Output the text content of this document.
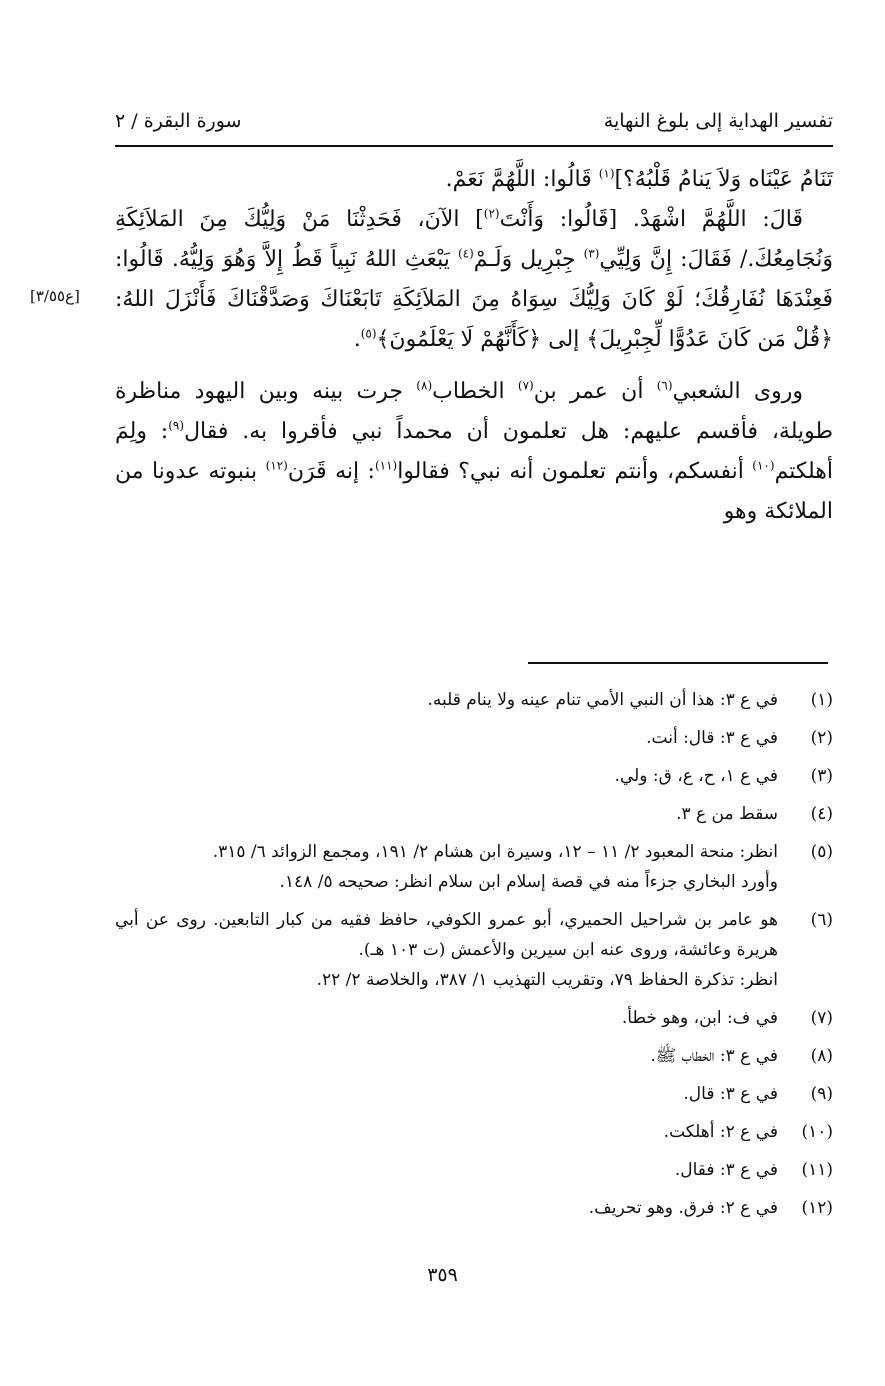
تفسير الهداية إلى بلوغ النهاية
سورة البقرة / ٢

تَنَامُ عَيْنَاه وَلاَ يَنامُ قَلْبُهُ؟]$^{(١)}$ قَالُوا: اللَّهُمَّ نَعَمْ.

قَالَ: اللَّهُمَّ اشْهَدْ. [قَالُوا: وَأَنْتَ$^{(٢)}$] الآنَ، فَحَدِثْنَا مَنْ وَلِيُّكَ مِنَ المَلاَئِكَةِ وَنُجَامِعُكَ./ فَقَالَ: إِنَّ وَلِيِّي$^{(٣)}$ جِبْرِيل وَلَـمْ$^{(٤)}$ يَبْعَثِ اللهُ نَبِياً قَطُ إِلاَّ وَهُوَ وَلِيُّهُ. قَالُوا: فَعِنْدَهَا نُفَارِقُكَ؛ لَوْ كَانَ وَلِيُّكَ سِوَاهُ مِنَ المَلاَئِكَةِ تَابَعْنَاكَ وَصَدَّقْنَاكَ فَأَنْزَلَ اللهُ: ﴿قُلْ مَن كَانَ عَدُوًّا لِّجِبْرِيلَ﴾ إلى ﴿كَأَنَّهُمْ لَا يَعْلَمُونَ﴾$^{(٥)}$.

وروى الشعبي$^{(٦)}$ أن عمر بن$^{(٧)}$ الخطاب$^{(٨)}$ جرت بينه وبين اليهود مناظرة طويلة، فأقسم عليهم: هل تعلمون أن محمداً نبي فأقروا به. فقال$^{(٩)}$: ولِمَ أهلكتم$^{(١٠)}$ أنفسكم، وأنتم تعلمون أنه نبي؟ فقالوا$^{(١١)}$: إنه قَرَن$^{(١٢)}$ بنبوته عدونا من الملائكة وهو

[ع٣/٥٥]
(١)
في ع ٣: هذا أن النبي الأمي تنام عينه ولا ينام قلبه.
(٢)
في ع ٣: قال: أنت.
(٣)
في ع ١، ح، ع، ق: ولي.
(٤)
سقط من ع ٣.
(٥)
انظر: منحة المعبود ٢/ ١١ – ١٢، وسيرة ابن هشام ٢/ ١٩١، ومجمع الزوائد ٦/ ٣١٥.
وأورد البخاري جزءاً منه في قصة إسلام ابن سلام انظر: صحيحه ٥/ ١٤٨.
(٦)
هو عامر بن شراحيل الحميري، أبو عمرو الكوفي، حافظ فقيه من كبار التابعين. روى عن أبي هريرة وعائشة، وروى عنه ابن سيرين والأعمش (ت ١٠٣ هـ).
انظر: تذكرة الحفاظ ٧٩، وتقريب التهذيب ١/ ٣٨٧، والخلاصة ٢/ ٢٢.
(٧)
في ف: ابن، وهو خطأ.
(٨)
في ع ٣: الخطاب ﷺ.
(٩)
في ع ٣: قال.
(١٠)
في ع ٢: أهلكت.
(١١)
في ع ٣: فقال.
(١٢)
في ع ٢: فرق. وهو تحريف.
٣٥٩
